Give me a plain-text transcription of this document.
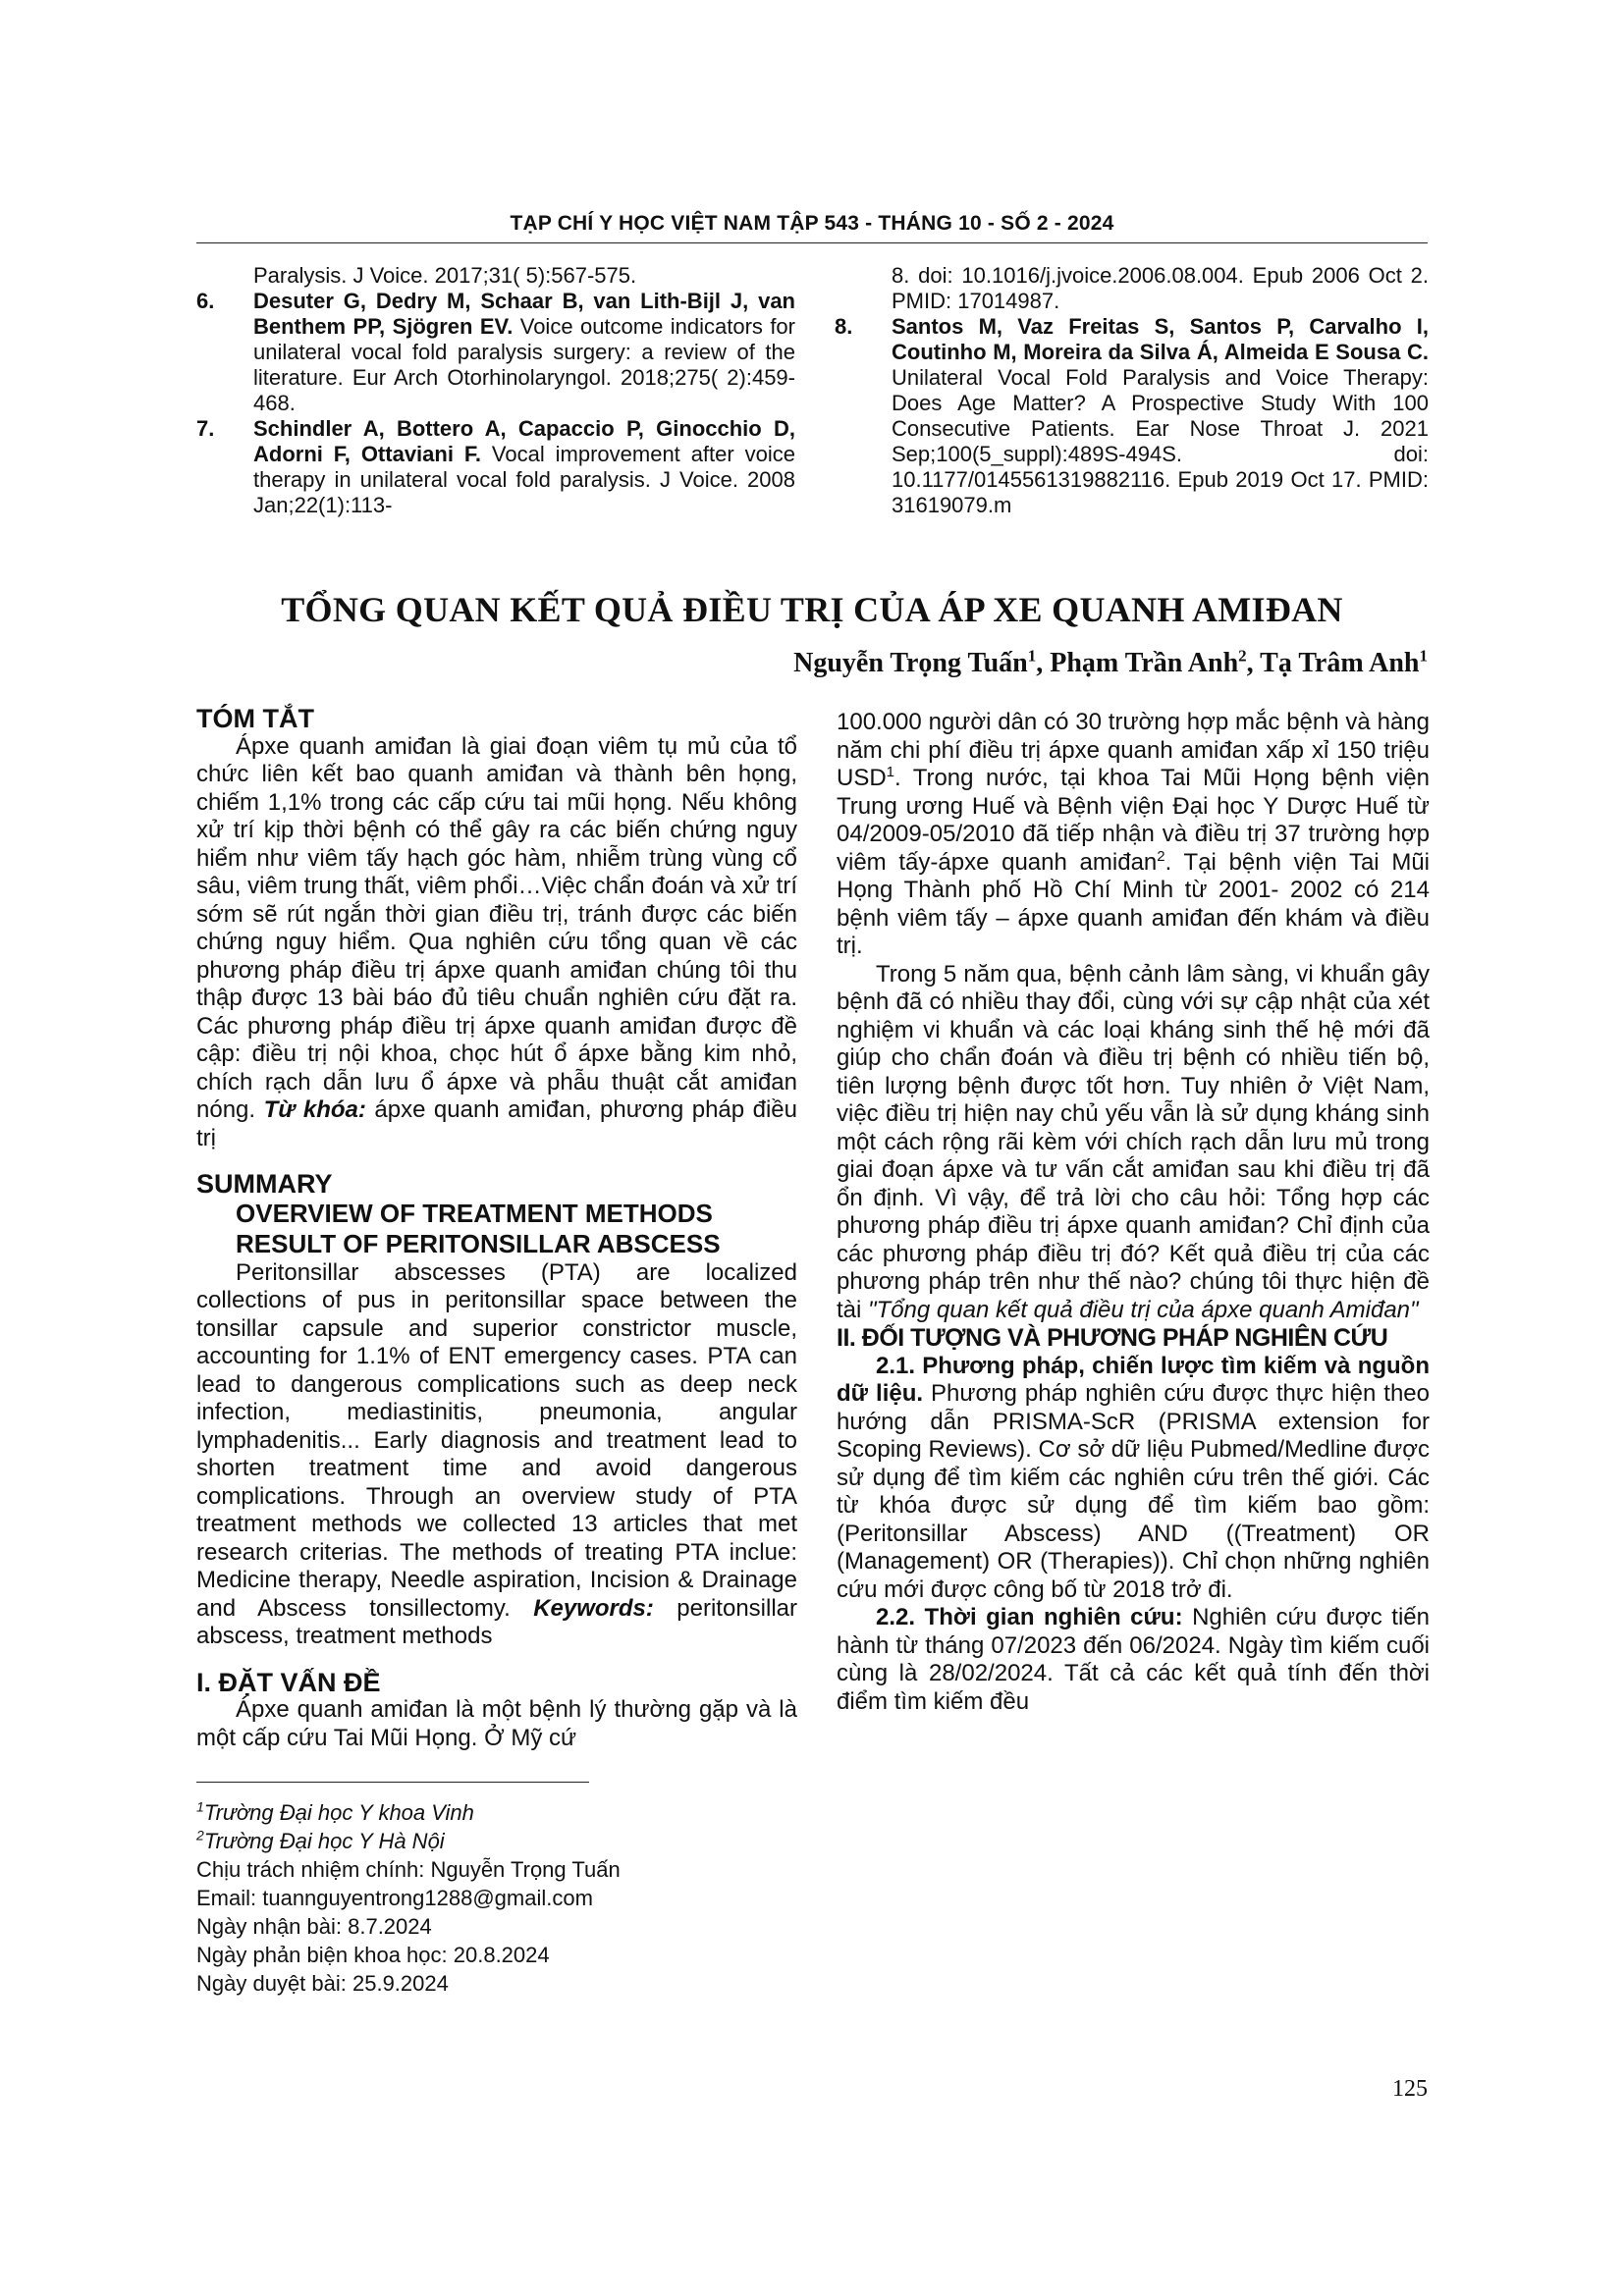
TẠP CHÍ Y HỌC VIỆT NAM TẬP 543 - THÁNG 10 - SỐ 2 - 2024

Paralysis. J Voice. 2017;31( 5):567-575.

6. Desuter G, Dedry M, Schaar B, van Lith-Bijl J, van Benthem PP, Sjögren EV. Voice outcome indicators for unilateral vocal fold paralysis surgery: a review of the literature. Eur Arch Otorhinolaryngol. 2018;275( 2):459-468.

7. Schindler A, Bottero A, Capaccio P, Ginocchio D, Adorni F, Ottaviani F. Vocal improvement after voice therapy in unilateral vocal fold paralysis. J Voice. 2008 Jan;22(1):113-

8. doi: 10.1016/j.jvoice.2006.08.004. Epub 2006 Oct 2. PMID: 17014987.

8. Santos M, Vaz Freitas S, Santos P, Carvalho I, Coutinho M, Moreira da Silva Á, Almeida E Sousa C. Unilateral Vocal Fold Paralysis and Voice Therapy: Does Age Matter? A Prospective Study With 100 Consecutive Patients. Ear Nose Throat J. 2021 Sep;100(5_suppl):489S-494S. doi: 10.1177/0145561319882116. Epub 2019 Oct 17. PMID: 31619079.m

TỔNG QUAN KẾT QUẢ ĐIỀU TRỊ CỦA ÁP XE QUANH AMIĐAN
Nguyễn Trọng Tuấn$^1$, Phạm Trần Anh$^2$, Tạ Trâm Anh$^1$

TÓM TẮT

Ápxe quanh amiđan là giai đoạn viêm tụ mủ của tổ chức liên kết bao quanh amiđan và thành bên họng, chiếm 1,1% trong các cấp cứu tai mũi họng. Nếu không xử trí kịp thời bệnh có thể gây ra các biến chứng nguy hiểm như viêm tấy hạch góc hàm, nhiễm trùng vùng cổ sâu, viêm trung thất, viêm phổi…Việc chẩn đoán và xử trí sớm sẽ rút ngắn thời gian điều trị, tránh được các biến chứng nguy hiểm. Qua nghiên cứu tổng quan về các phương pháp điều trị ápxe quanh amiđan chúng tôi thu thập được 13 bài báo đủ tiêu chuẩn nghiên cứu đặt ra. Các phương pháp điều trị ápxe quanh amiđan được đề cập: điều trị nội khoa, chọc hút ổ ápxe bằng kim nhỏ, chích rạch dẫn lưu ổ ápxe và phẫu thuật cắt amiđan nóng. Từ khóa: ápxe quanh amiđan, phương pháp điều trị

SUMMARY

OVERVIEW OF TREATMENT METHODS

RESULT OF PERITONSILLAR ABSCESS

Peritonsillar abscesses (PTA) are localized collections of pus in peritonsillar space between the tonsillar capsule and superior constrictor muscle, accounting for 1.1% of ENT emergency cases. PTA can lead to dangerous complications such as deep neck infection, mediastinitis, pneumonia, angular lymphadenitis... Early diagnosis and treatment lead to shorten treatment time and avoid dangerous complications. Through an overview study of PTA treatment methods we collected 13 articles that met research criterias. The methods of treating PTA inclue: Medicine therapy, Needle aspiration, Incision & Drainage and Abscess tonsillectomy. Keywords: peritonsillar abscess, treatment methods

I. ĐẶT VẤN ĐỀ

Ápxe quanh amiđan là một bệnh lý thường gặp và là một cấp cứu Tai Mũi Họng. Ở Mỹ cứ

$^1$Trường Đại học Y khoa Vinh

$^2$Trường Đại học Y Hà Nội

Chịu trách nhiệm chính: Nguyễn Trọng Tuấn

Email: tuannguyentrong1288@gmail.com

Ngày nhận bài: 8.7.2024

Ngày phản biện khoa học: 20.8.2024

Ngày duyệt bài: 25.9.2024

100.000 người dân có 30 trường hợp mắc bệnh và hàng năm chi phí điều trị ápxe quanh amiđan xấp xỉ 150 triệu USD$^1$. Trong nước, tại khoa Tai Mũi Họng bệnh viện Trung ương Huế và Bệnh viện Đại học Y Dược Huế từ 04/2009-05/2010 đã tiếp nhận và điều trị 37 trường hợp viêm tấy-ápxe quanh amiđan$^2$. Tại bệnh viện Tai Mũi Họng Thành phố Hồ Chí Minh từ 2001- 2002 có 214 bệnh viêm tấy – ápxe quanh amiđan đến khám và điều trị.

Trong 5 năm qua, bệnh cảnh lâm sàng, vi khuẩn gây bệnh đã có nhiều thay đổi, cùng với sự cập nhật của xét nghiệm vi khuẩn và các loại kháng sinh thế hệ mới đã giúp cho chẩn đoán và điều trị bệnh có nhiều tiến bộ, tiên lượng bệnh được tốt hơn. Tuy nhiên ở Việt Nam, việc điều trị hiện nay chủ yếu vẫn là sử dụng kháng sinh một cách rộng rãi kèm với chích rạch dẫn lưu mủ trong giai đoạn ápxe và tư vấn cắt amiđan sau khi điều trị đã ổn định. Vì vậy, để trả lời cho câu hỏi: Tổng hợp các phương pháp điều trị ápxe quanh amiđan? Chỉ định của các phương pháp điều trị đó? Kết quả điều trị của các phương pháp trên như thế nào? chúng tôi thực hiện đề tài "Tổng quan kết quả điều trị của ápxe quanh Amiđan"

II. ĐỐI TƯỢNG VÀ PHƯƠNG PHÁP NGHIÊN CỨU

2.1. Phương pháp, chiến lược tìm kiếm và nguồn dữ liệu. Phương pháp nghiên cứu được thực hiện theo hướng dẫn PRISMA-ScR (PRISMA extension for Scoping Reviews). Cơ sở dữ liệu Pubmed/Medline được sử dụng để tìm kiếm các nghiên cứu trên thế giới. Các từ khóa được sử dụng để tìm kiếm bao gồm: (Peritonsillar Abscess) AND ((Treatment) OR (Management) OR (Therapies)). Chỉ chọn những nghiên cứu mới được công bố từ 2018 trở đi.

2.2. Thời gian nghiên cứu: Nghiên cứu được tiến hành từ tháng 07/2023 đến 06/2024. Ngày tìm kiếm cuối cùng là 28/02/2024. Tất cả các kết quả tính đến thời điểm tìm kiếm đều

125
